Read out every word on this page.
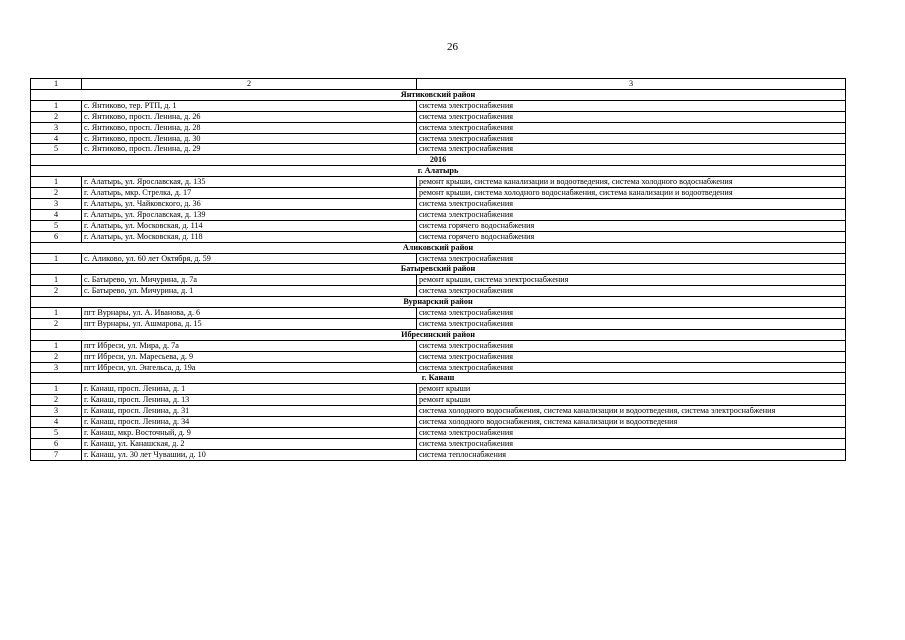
26
1	2	3
Янтиковский район		
1	с. Янтиково, тер. РТП, д. 1	система электроснабжения
2	с. Янтиково, просп. Ленина, д. 26	система электроснабжения
3	с. Янтиково, просп. Ленина, д. 28	система электроснабжения
4	с. Янтиково, просп. Ленина, д. 30	система электроснабжения
5	с. Янтиково, просп. Ленина, д. 29	система электроснабжения
2016		
г. Алатырь		
1	г. Алатырь, ул. Ярославская, д. 135	ремонт крыши, система канализации и водоотведения, система холодного водоснабжения
2	г. Алатырь, мкр. Стрелка, д. 17	ремонт крыши, система холодного водоснабжения, система канализации и водоотведения
3	г. Алатырь, ул. Чайковского, д. 36	система электроснабжения
4	г. Алатырь, ул. Ярославская, д. 139	система электроснабжения
5	г. Алатырь, ул. Московская, д. 114	система горячего водоснабжения
6	г. Алатырь, ул. Московская, д. 118	система горячего водоснабжения
Аликовский район		
1	с. Аликово, ул. 60 лет Октября, д. 59	система электроснабжения
Батыревский район		
1	с. Батырево, ул. Мичурина, д. 7а	ремонт крыши, система электроснабжения
2	с. Батырево, ул. Мичурина, д. 1	система электроснабжения
Вурнарский район		
1	пгт Вурнары, ул. А. Иванова, д. 6	система электроснабжения
2	пгт Вурнары, ул. Ашмарова, д. 15	система электроснабжения
Ибресинский район		
1	пгт Ибреси, ул. Мира, д. 7а	система электроснабжения
2	пгт Ибреси, ул. Маресьева, д. 9	система электроснабжения
3	пгт Ибреси, ул. Энгельса, д. 19а	система электроснабжения
г. Канаш		
1	г. Канаш, просп. Ленина, д. 1	ремонт крыши
2	г. Канаш, просп. Ленина, д. 13	ремонт крыши
3	г. Канаш, просп. Ленина, д. 31	система холодного водоснабжения, система канализации и водоотведения, система электроснабжения
4	г. Канаш, просп. Ленина, д. 34	система холодного водоснабжения, система канализации и водоотведения
5	г. Канаш, мкр. Восточный, д. 9	система электроснабжения
6	г. Канаш, ул. Канашская, д. 2	система электроснабжения
7	г. Канаш, ул. 30 лет Чувашии, д. 10	система теплоснабжения
